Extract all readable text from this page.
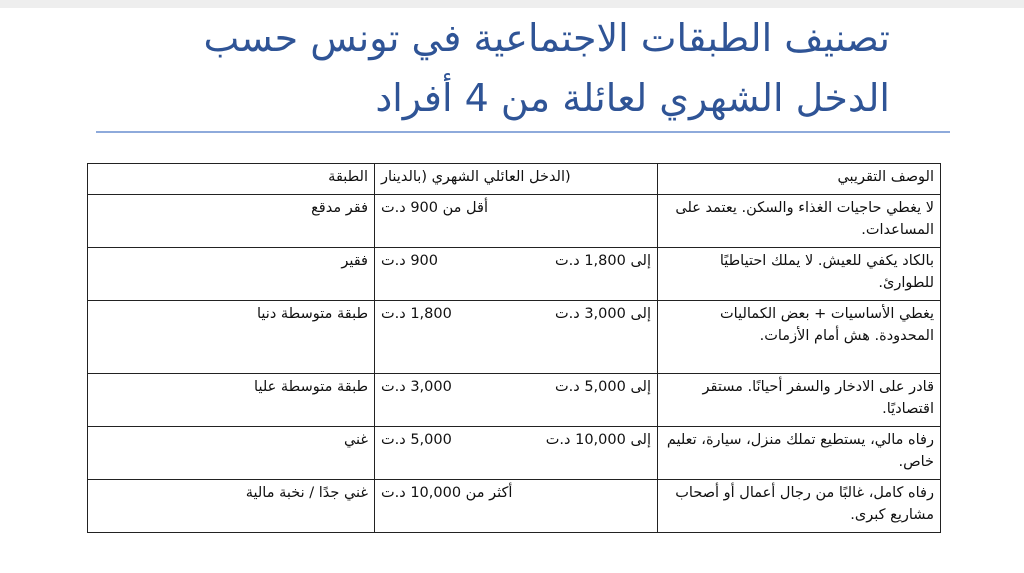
تصنيف الطبقات الاجتماعية في تونس حسب
الدخل الشهري لعائلة من 4 أفراد
الطبقة	(الدخل العائلي الشهري (بالدينار	الوصف التقريبي
فقر مدقع	أقل من 900 د.ت	لا يغطي حاجيات الغذاء والسكن. يعتمد على المساعدات.
فقير	900 د.ت إلى 1,800 د.ت	بالكاد يكفي للعيش. لا يملك احتياطيًا للطوارئ.
طبقة متوسطة دنيا	1,800 د.ت إلى 3,000 د.ت	يغطي الأساسيات + بعض الكماليات المحدودة. هش أمام الأزمات.
طبقة متوسطة عليا	3,000 د.ت إلى 5,000 د.ت	قادر على الادخار والسفر أحيانًا. مستقر اقتصاديًا.
غني	5,000 د.ت إلى 10,000 د.ت	رفاه مالي، يستطيع تملك منزل، سيارة، تعليم خاص.
غني جدًا / نخبة مالية	أكثر من 10,000 د.ت	رفاه كامل، غالبًا من رجال أعمال أو أصحاب مشاريع كبرى.
